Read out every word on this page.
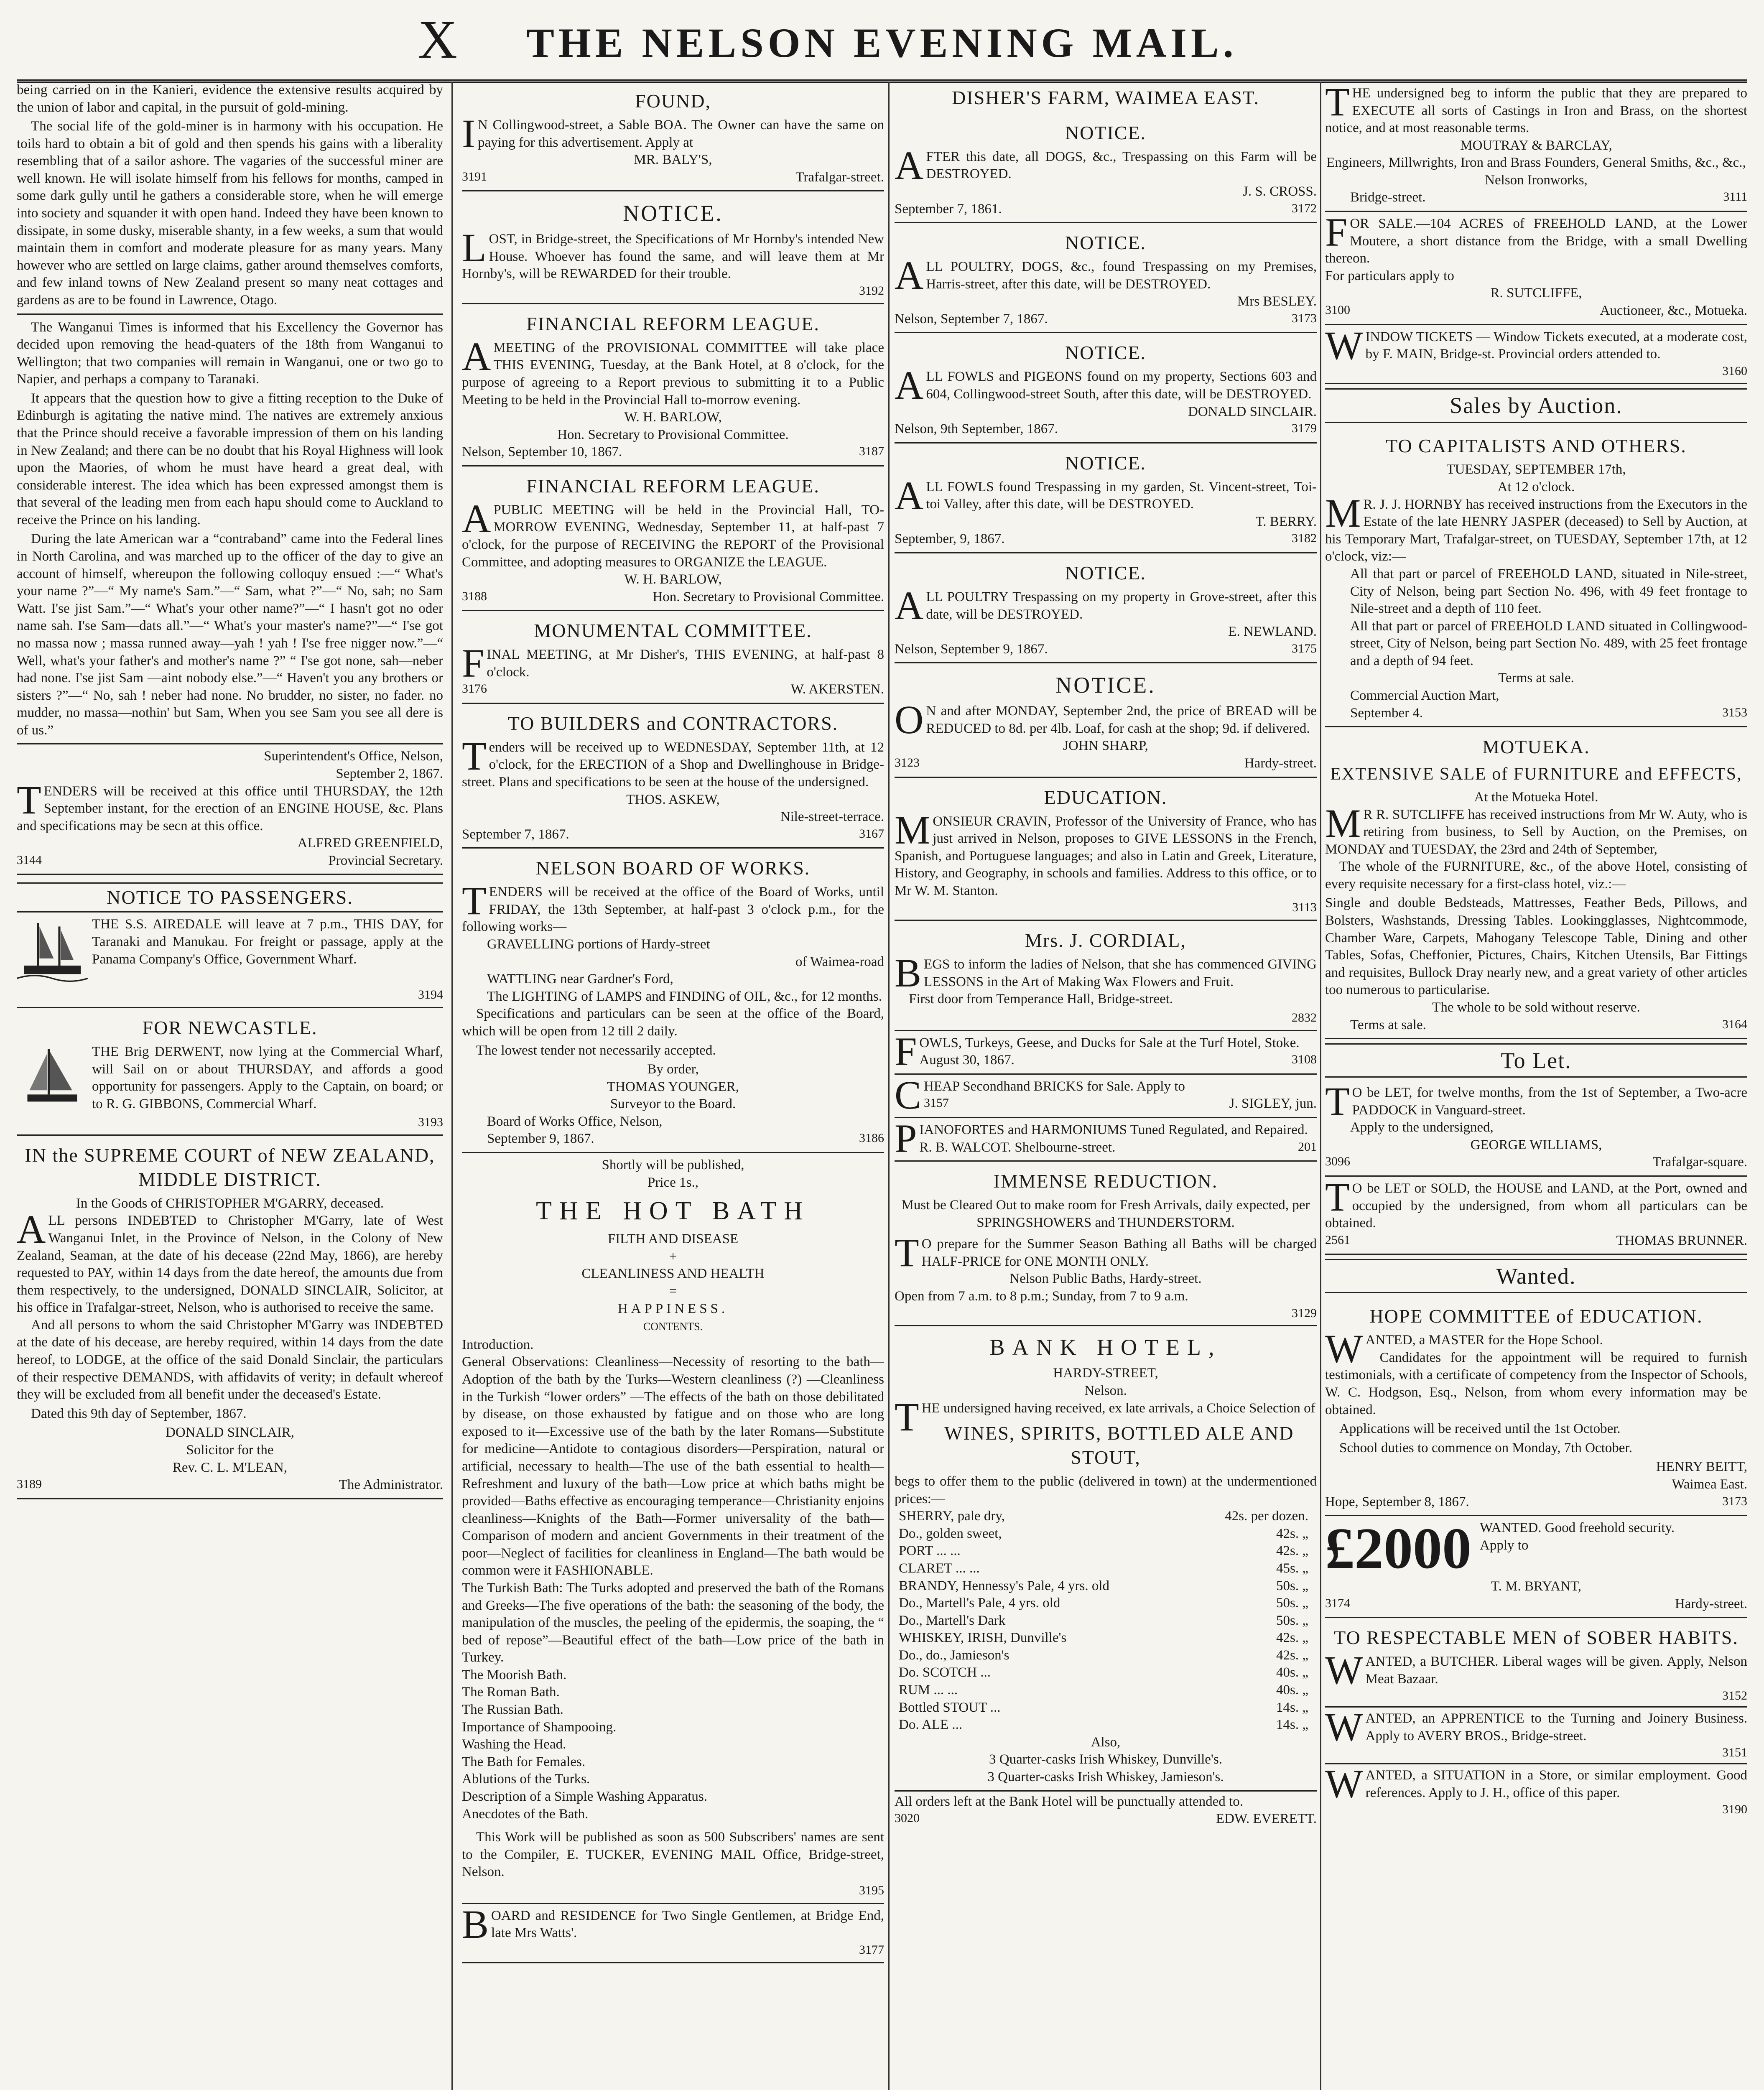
X	THE NELSON EVENING MAIL.

being carried on in the Kanieri, evidence the extensive results acquired by the union of labor and capital, in the pursuit of gold-mining.

The social life of the gold-miner is in harmony with his occupation. He toils hard to obtain a bit of gold and then spends his gains with a liberality resembling that of a sailor ashore. The vagaries of the successful miner are well known. He will isolate himself from his fellows for months, camped in some dark gully until he gathers a considerable store, when he will emerge into society and squander it with open hand. Indeed they have been known to dissipate, in some dusky, miserable shanty, in a few weeks, a sum that would maintain them in comfort and moderate pleasure for as many years. Many however who are settled on large claims, gather around themselves comforts, and few inland towns of New Zealand present so many neat cottages and gardens as are to be found in Lawrence, Otago.

The Wanganui Times is informed that his Excellency the Governor has decided upon removing the head-quaters of the 18th from Wanganui to Wellington; that two companies will remain in Wanganui, one or two go to Napier, and perhaps a company to Taranaki.

It appears that the question how to give a fitting reception to the Duke of Edinburgh is agitating the native mind. The natives are extremely anxious that the Prince should receive a favorable impression of them on his landing in New Zealand; and there can be no doubt that his Royal Highness will look upon the Maories, of whom he must have heard a great deal, with considerable interest. The idea which has been expressed amongst them is that several of the leading men from each hapu should come to Auckland to receive the Prince on his landing.

During the late American war a “contraband” came into the Federal lines in North Carolina, and was marched up to the officer of the day to give an account of himself, whereupon the following colloquy ensued :—“ What's your name ?”—“ My name's Sam.”—“ Sam, what ?”—“ No, sah; no Sam Watt. I'se jist Sam.”—“ What's your other name?”—“ I hasn't got no oder name sah. I'se Sam—dats all.”—“ What's your master's name?”—“ I'se got no massa now ; massa runned away—yah ! yah ! I'se free nigger now.”—“ Well, what's your father's and mother's name ?” “ I'se got none, sah—neber had none. I'se jist Sam —aint nobody else.”—“ Haven't you any brothers or sisters ?”—“ No, sah ! neber had none. No brudder, no sister, no fader. no mudder, no massa—nothin' but Sam, When you see Sam you see all dere is of us.”

Superintendent's Office, Nelson,
September 2, 1867.
TENDERS will be received at this office until THURSDAY, the 12th September instant, for the erection of an ENGINE HOUSE, &c. Plans and specifications may be secn at this office.
ALFRED GREENFIELD,
3144	Provincial Secretary.
NOTICE TO PASSENGERS.
THE S.S. AIREDALE will leave at 7 p.m., THIS DAY, for Taranaki and Manukau. For freight or passage, apply at the Panama Company's Office, Government Wharf.
3194
FOR NEWCASTLE.
THE Brig DERWENT, now lying at the Commercial Wharf, will Sail on or about THURSDAY, and affords a good opportunity for passengers. Apply to the Captain, on board; or to R. G. GIBBONS, Commercial Wharf.
3193
IN the SUPREME COURT of NEW ZEALAND, MIDDLE DISTRICT.
In the Goods of CHRISTOPHER M'GARRY, deceased.
ALL persons INDEBTED to Christopher M'Garry, late of West Wanganui Inlet, in the Province of Nelson, in the Colony of New Zealand, Seaman, at the date of his decease (22nd May, 1866), are hereby requested to PAY, within 14 days from the date hereof, the amounts due from them respectively, to the undersigned, DONALD SINCLAIR, Solicitor, at his office in Trafalgar-street, Nelson, who is authorised to receive the same.

And all persons to whom the said Christopher M'Garry was INDEBTED at the date of his decease, are hereby required, within 14 days from the date hereof, to LODGE, at the office of the said Donald Sinclair, the particulars of their respective DEMANDS, with affidavits of verity; in default whereof they will be excluded from all benefit under the deceased's Estate.

Dated this 9th day of September, 1867.

DONALD SINCLAIR,
Solicitor for the
Rev. C. L. M'LEAN,
3189	The Administrator.
FOUND,
IN Collingwood-street, a Sable BOA. The Owner can have the same on paying for this advertisement. Apply at
MR. BALY'S,
3191	Trafalgar-street.
NOTICE.
LOST, in Bridge-street, the Specifications of Mr Hornby's intended New House. Whoever has found the same, and will leave them at Mr Hornby's, will be REWARDED for their trouble.
3192
FINANCIAL REFORM LEAGUE.
AMEETING of the PROVISIONAL COMMITTEE will take place THIS EVENING, Tuesday, at the Bank Hotel, at 8 o'clock, for the purpose of agreeing to a Report previous to submitting it to a Public Meeting to be held in the Provincial Hall to-morrow evening.
W. H. BARLOW,
Hon. Secretary to Provisional Committee.
Nelson, September 10, 1867.	3187
FINANCIAL REFORM LEAGUE.
APUBLIC MEETING will be held in the Provincial Hall, TO-MORROW EVENING, Wednesday, September 11, at half-past 7 o'clock, for the purpose of RECEIVING the REPORT of the Provisional Committee, and adopting measures to ORGANIZE the LEAGUE.
W. H. BARLOW,
3188	Hon. Secretary to Provisional Committee.
MONUMENTAL COMMITTEE.
FINAL MEETING, at Mr Disher's, THIS EVENING, at half-past 8 o'clock.
3176	W. AKERSTEN.
TO BUILDERS and CONTRACTORS.
Tenders will be received up to WEDNESDAY, September 11th, at 12 o'clock, for the ERECTION of a Shop and Dwellinghouse in Bridge-street. Plans and specifications to be seen at the house of the undersigned.
THOS. ASKEW,
Nile-street-terrace.
September 7, 1867.	3167
NELSON BOARD OF WORKS.
TENDERS will be received at the office of the Board of Works, until FRIDAY, the 13th September, at half-past 3 o'clock p.m., for the following works—
GRAVELLING portions of Hardy-street
of Waimea-road
WATTLING near Gardner's Ford,
The LIGHTING of LAMPS and FINDING of OIL, &c., for 12 months.

Specifications and particulars can be seen at the office of the Board, which will be open from 12 till 2 daily.

The lowest tender not necessarily accepted.

By order,
THOMAS YOUNGER,
Surveyor to the Board.
Board of Works Office, Nelson,
September 9, 1867.	3186
Shortly will be published,
Price 1s.,
THE HOT BATH
FILTH AND DISEASE
+
CLEANLINESS AND HEALTH
=
HAPPINESS.
CONTENTS.
Introduction.
General Observations: Cleanliness—Necessity of resorting to the bath—Adoption of the bath by the Turks—Western cleanliness (?) —Cleanliness in the Turkish “lower orders” —The effects of the bath on those debilitated by disease, on those exhausted by fatigue and on those who are long exposed to it—Excessive use of the bath by the later Romans—Substitute for medicine—Antidote to contagious disorders—Perspiration, natural or artificial, necessary to health—The use of the bath essential to health—Refreshment and luxury of the bath—Low price at which baths might be provided—Baths effective as encouraging temperance—Christianity enjoins cleanliness—Knights of the Bath—Former universality of the bath—Comparison of modern and ancient Governments in their treatment of the poor—Neglect of facilities for cleanliness in England—The bath would be common were it FASHIONABLE.
The Turkish Bath: The Turks adopted and preserved the bath of the Romans and Greeks—The five operations of the bath: the seasoning of the body, the manipulation of the muscles, the peeling of the epidermis, the soaping, the “ bed of repose”—Beautiful effect of the bath—Low price of the bath in Turkey.
The Moorish Bath.
The Roman Bath.
The Russian Bath.
Importance of Shampooing.
Washing the Head.
The Bath for Females.
Ablutions of the Turks.
Description of a Simple Washing Apparatus.
Anecdotes of the Bath.

This Work will be published as soon as 500 Subscribers' names are sent to the Compiler, E. TUCKER, EVENING MAIL Office, Bridge-street, Nelson.

3195
BOARD and RESIDENCE for Two Single Gentlemen, at Bridge End, late Mrs Watts'.
3177
DISHER'S FARM, WAIMEA EAST.
NOTICE.
AFTER this date, all DOGS, &c., Trespassing on this Farm will be DESTROYED.
J. S. CROSS.
September 7, 1861.	3172
NOTICE.
ALL POULTRY, DOGS, &c., found Trespassing on my Premises, Harris-street, after this date, will be DESTROYED.
Mrs BESLEY.
Nelson, September 7, 1867.	3173
NOTICE.
ALL FOWLS and PIGEONS found on my property, Sections 603 and 604, Collingwood-street South, after this date, will be DESTROYED.
DONALD SINCLAIR.
Nelson, 9th September, 1867.	3179
NOTICE.
ALL FOWLS found Trespassing in my garden, St. Vincent-street, Toi-toi Valley, after this date, will be DESTROYED.
T. BERRY.
September, 9, 1867.	3182
NOTICE.
ALL POULTRY Trespassing on my property in Grove-street, after this date, will be DESTROYED.
E. NEWLAND.
Nelson, September 9, 1867.	3175
NOTICE.
ON and after MONDAY, September 2nd, the price of BREAD will be REDUCED to 8d. per 4lb. Loaf, for cash at the shop; 9d. if delivered.
JOHN SHARP,
3123	Hardy-street.
EDUCATION.
MONSIEUR CRAVIN, Professor of the University of France, who has just arrived in Nelson, proposes to GIVE LESSONS in the French, Spanish, and Portuguese languages; and also in Latin and Greek, Literature, History, and Geography, in schools and families. Address to this office, or to Mr W. M. Stanton.
3113
Mrs. J. CORDIAL,
BEGS to inform the ladies of Nelson, that she has commenced GIVING LESSONS in the Art of Making Wax Flowers and Fruit.

First door from Temperance Hall, Bridge-street.

2832
FOWLS, Turkeys, Geese, and Ducks for Sale at the Turf Hotel, Stoke.
August 30, 1867.	3108
CHEAP Secondhand BRICKS for Sale. Apply to
3157	J. SIGLEY, jun.
PIANOFORTES and HARMONIUMS Tuned Regulated, and Repaired.
R. B. WALCOT. Shelbourne-street.	201
IMMENSE REDUCTION.
Must be Cleared Out to make room for Fresh Arrivals, daily expected, per SPRINGSHOWERS and THUNDERSTORM.
TO prepare for the Summer Season Bathing all Baths will be charged HALF-PRICE for ONE MONTH ONLY.
Nelson Public Baths, Hardy-street.
Open from 7 a.m. to 8 p.m.; Sunday, from 7 to 9 a.m.
3129
BANK HOTEL,
HARDY-STREET,
Nelson.
THE undersigned having received, ex late arrivals, a Choice Selection of
WINES, SPIRITS, BOTTLED ALE AND STOUT,
begs to offer them to the public (delivered in town) at the undermentioned prices:—
SHERRY, pale dry,	42s. per dozen.
Do., golden sweet,	42s. „
PORT ... ...	42s. „
CLARET ... ...	45s. „
BRANDY, Hennessy's Pale, 4 yrs. old	50s. „
Do., Martell's Pale, 4 yrs. old	50s. „
Do., Martell's Dark	50s. „
WHISKEY, IRISH, Dunville's	42s. „
Do., do., Jamieson's	42s. „
Do. SCOTCH ...	40s. „
RUM ... ...	40s. „
Bottled STOUT ...	14s. „
Do. ALE ...	14s. „
Also,
3 Quarter-casks Irish Whiskey, Dunville's.
3 Quarter-casks Irish Whiskey, Jamieson's.
All orders left at the Bank Hotel will be punctually attended to.
3020	EDW. EVERETT.
THE undersigned beg to inform the public that they are prepared to EXECUTE all sorts of Castings in Iron and Brass, on the shortest notice, and at most reasonable terms.
MOUTRAY & BARCLAY,
Engineers, Millwrights, Iron and Brass Founders, General Smiths, &c., &c.,
Nelson Ironworks,
Bridge-street.	3111
FOR SALE.—104 ACRES of FREEHOLD LAND, at the Lower Moutere, a short distance from the Bridge, with a small Dwelling thereon.
For particulars apply to
R. SUTCLIFFE,
3100	Auctioneer, &c., Motueka.
WINDOW TICKETS — Window Tickets executed, at a moderate cost, by F. MAIN, Bridge-st. Provincial orders attended to.
3160
Sales by Auction.
TO CAPITALISTS AND OTHERS.
TUESDAY, SEPTEMBER 17th,
At 12 o'clock.
MR. J. J. HORNBY has received instructions from the Executors in the Estate of the late HENRY JASPER (deceased) to Sell by Auction, at his Temporary Mart, Trafalgar-street, on TUESDAY, September 17th, at 12 o'clock, viz:—
All that part or parcel of FREEHOLD LAND, situated in Nile-street, City of Nelson, being part Section No. 496, with 49 feet frontage to Nile-street and a depth of 110 feet.
All that part or parcel of FREEHOLD LAND situated in Collingwood-street, City of Nelson, being part Section No. 489, with 25 feet frontage and a depth of 94 feet.
Terms at sale.
Commercial Auction Mart,
September 4.	3153
MOTUEKA.
EXTENSIVE SALE of FURNITURE and EFFECTS,
At the Motueka Hotel.
MR R. SUTCLIFFE has received instructions from Mr W. Auty, who is retiring from business, to Sell by Auction, on the Premises, on MONDAY and TUESDAY, the 23rd and 24th of September,

The whole of the FURNITURE, &c., of the above Hotel, consisting of every requisite necessary for a first-class hotel, viz.:—

Single and double Bedsteads, Mattresses, Feather Beds, Pillows, and Bolsters, Washstands, Dressing Tables. Lookingglasses, Nightcommode, Chamber Ware, Carpets, Mahogany Telescope Table, Dining and other Tables, Sofas, Cheffonier, Pictures, Chairs, Kitchen Utensils, Bar Fittings and requisites, Bullock Dray nearly new, and a great variety of other articles too numerous to particularise.
The whole to be sold without reserve.
Terms at sale.	3164
To Let.
TO be LET, for twelve months, from the 1st of September, a Two-acre PADDOCK in Vanguard-street.
Apply to the undersigned,
GEORGE WILLIAMS,
3096	Trafalgar-square.
TO be LET or SOLD, the HOUSE and LAND, at the Port, owned and occupied by the undersigned, from whom all particulars can be obtained.
2561	THOMAS BRUNNER.
Wanted.
HOPE COMMITTEE of EDUCATION.
WANTED, a MASTER for the Hope School.

Candidates for the appointment will be required to furnish testimonials, with a certificate of competency from the Inspector of Schools, W. C. Hodgson, Esq., Nelson, from whom every information may be obtained.

Applications will be received until the 1st October.

School duties to commence on Monday, 7th October.

HENRY BEITT,
Waimea East.
Hope, September 8, 1867.	3173
£2000 WANTED. Good freehold security.
Apply to
T. M. BRYANT,
3174	Hardy-street.
TO RESPECTABLE MEN of SOBER HABITS.
WANTED, a BUTCHER. Liberal wages will be given. Apply, Nelson Meat Bazaar.
3152
WANTED, an APPRENTICE to the Turning and Joinery Business. Apply to AVERY BROS., Bridge-street.
3151
WANTED, a SITUATION in a Store, or similar employment. Good references. Apply to J. H., office of this paper.
3190
